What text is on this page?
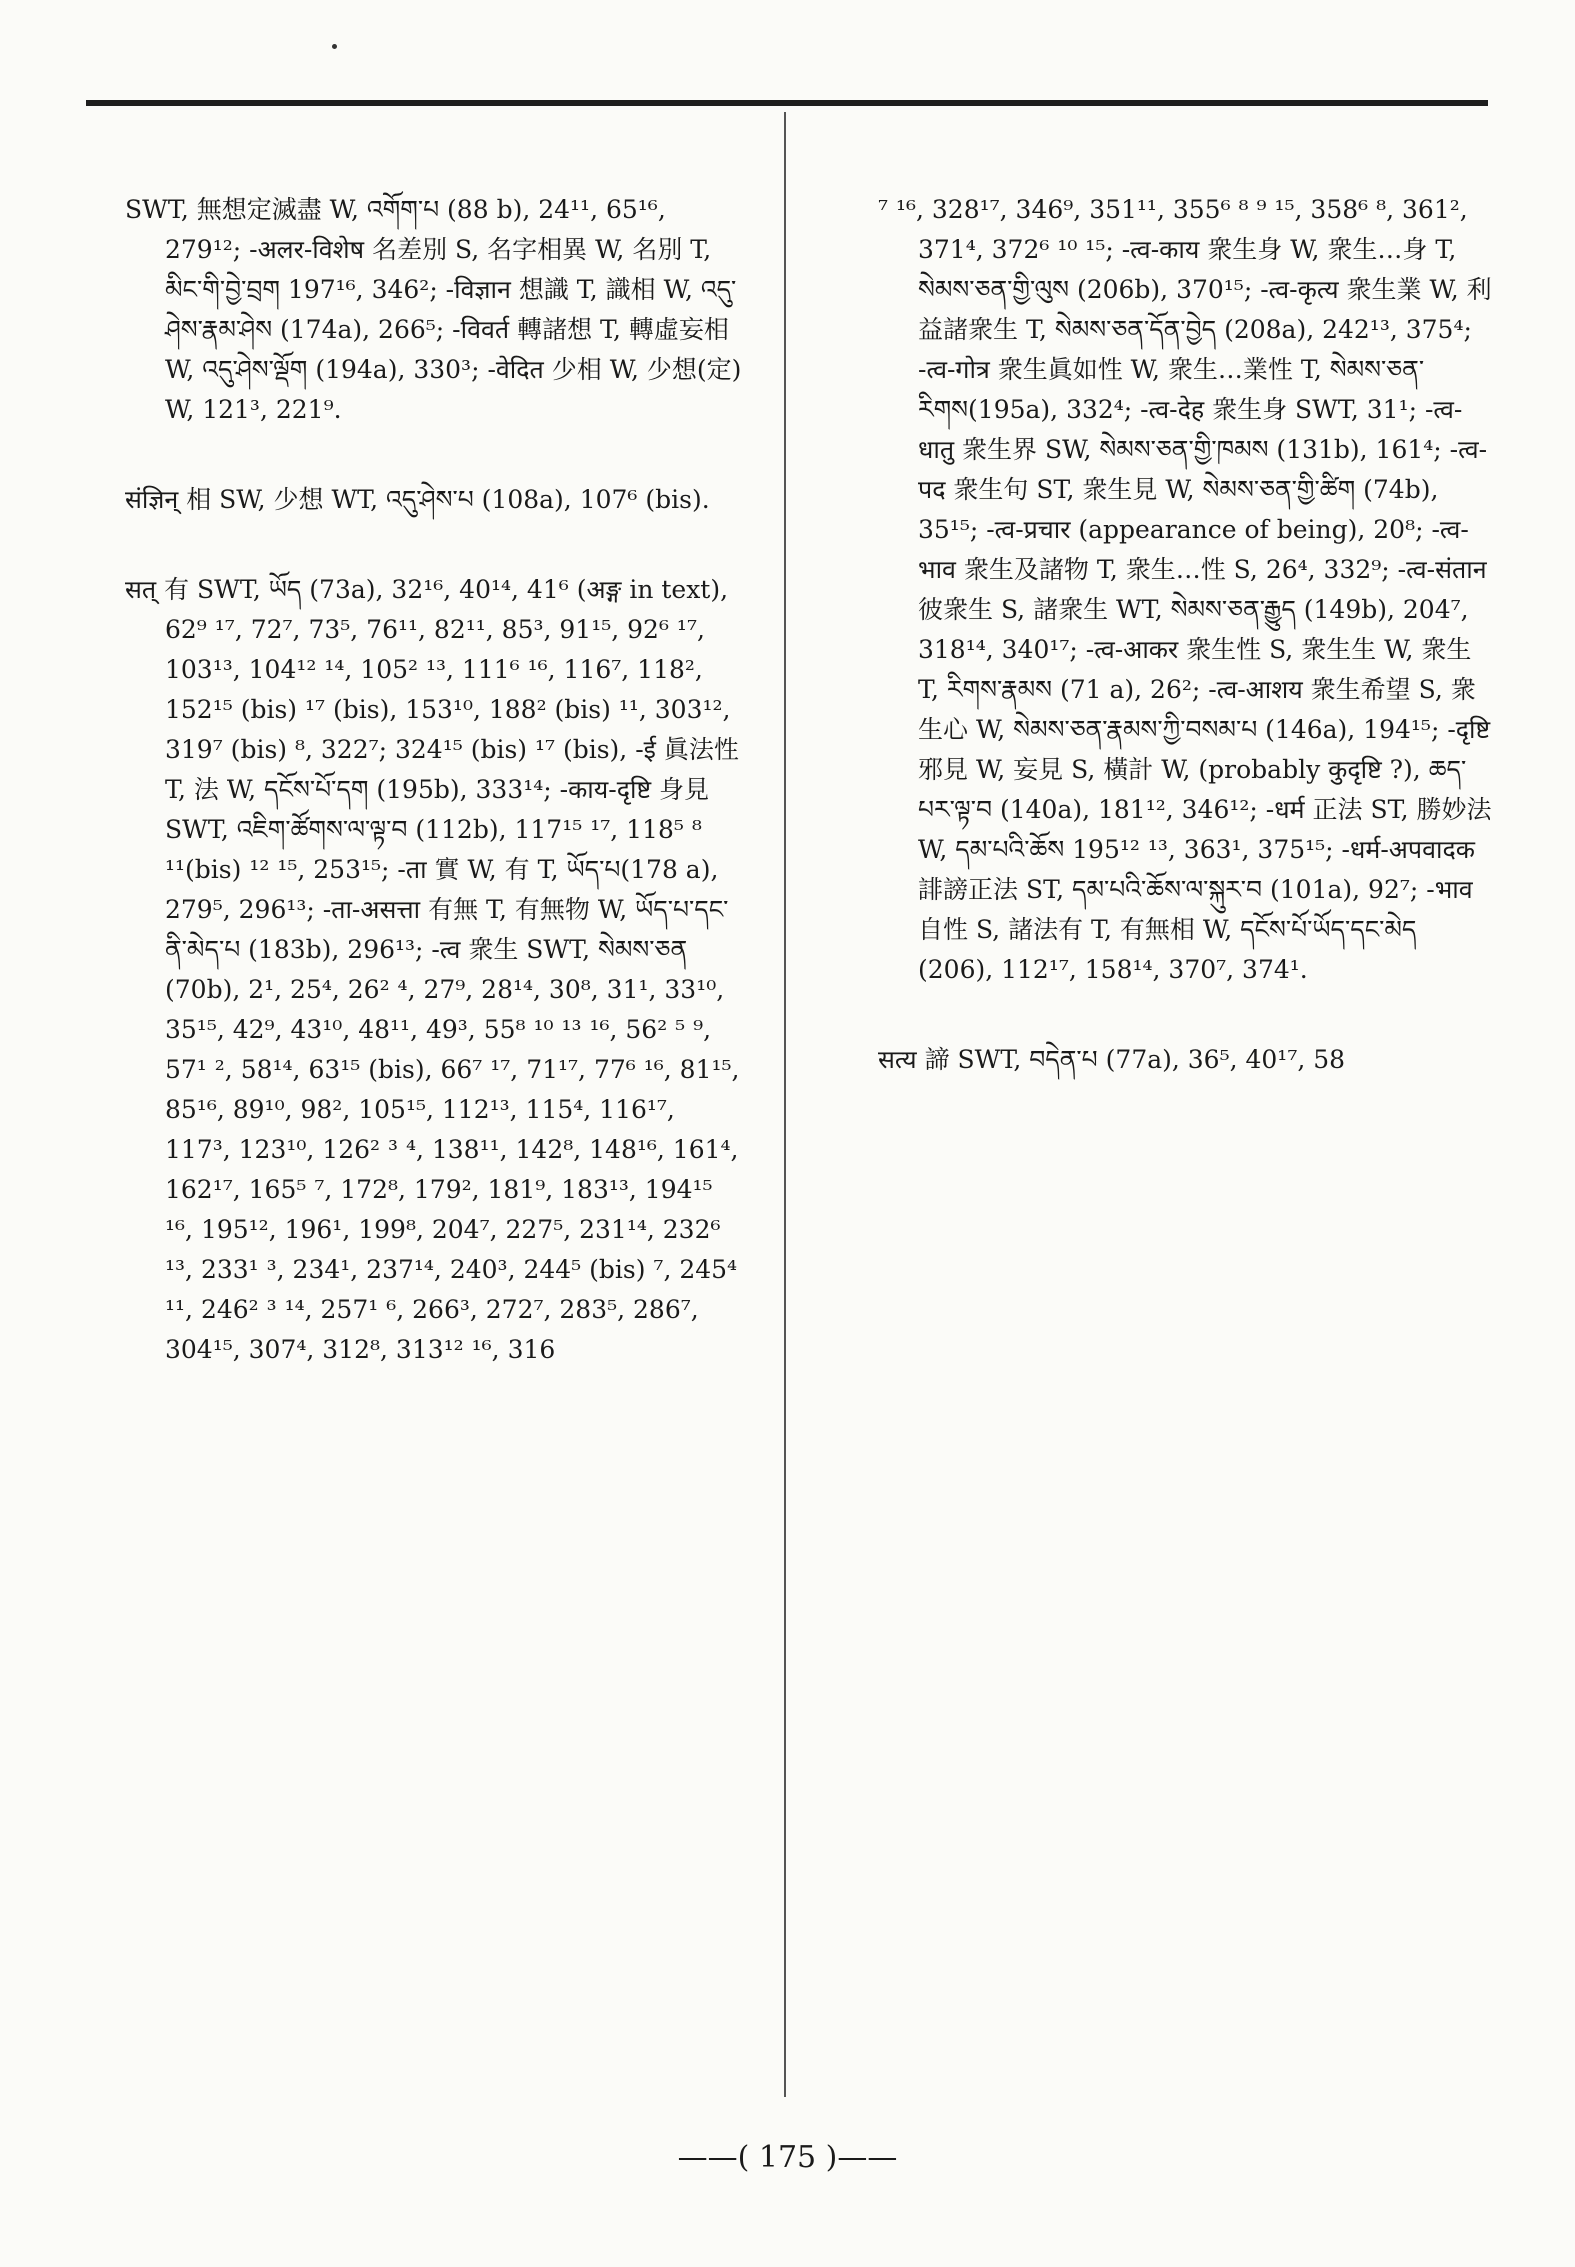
SWT, 無想定滅盡 W, འགོག་པ (88 b), 24¹¹, 65¹⁶, 279¹²; -अलर-विशेष 名差別 S, 名字相異 W, 名別 T, མིང་གི་བྱེ་བྲག 197¹⁶, 346²; -विज्ञान 想識 T, 識相 W, འདུ་ཤེས་རྣམ་ཤེས (174a), 266⁵; -विवर्त 轉諸想 T, 轉虛妄相 W, འདུ་ཤེས་ལྡོག (194a), 330³; -वेदित 少相 W, 少想(定) W, 121³, 221⁹.

संज्ञिन् 相 SW, 少想 WT, འདུ་ཤེས་པ (108a), 107⁶ (bis).

सत् 有 SWT, ཡོད (73a), 32¹⁶, 40¹⁴, 41⁶ (अङ्ग in text), 62⁹ ¹⁷, 72⁷, 73⁵, 76¹¹, 82¹¹, 85³, 91¹⁵, 92⁶ ¹⁷, 103¹³, 104¹² ¹⁴, 105² ¹³, 111⁶ ¹⁶, 116⁷, 118², 152¹⁵ (bis) ¹⁷ (bis), 153¹⁰, 188² (bis) ¹¹, 303¹², 319⁷ (bis) ⁸, 322⁷; 324¹⁵ (bis) ¹⁷ (bis), -ई 眞法性 T, 法 W, དངོས་པོ་དག (195b), 333¹⁴; -काय-दृष्टि 身見 SWT, འཇིག་ཚོགས་ལ་ལྟ་བ (112b), 117¹⁵ ¹⁷, 118⁵ ⁸ ¹¹(bis) ¹² ¹⁵, 253¹⁵; -ता 實 W, 有 T, ཡོད་པ(178 a), 279⁵, 296¹³; -ता-असत्ता 有無 T, 有無物 W, ཡོད་པ་དང་ནི་མེད་པ (183b), 296¹³; -त्व 衆生 SWT, སེམས་ཅན (70b), 2¹, 25⁴, 26² ⁴, 27⁹, 28¹⁴, 30⁸, 31¹, 33¹⁰, 35¹⁵, 42⁹, 43¹⁰, 48¹¹, 49³, 55⁸ ¹⁰ ¹³ ¹⁶, 56² ⁵ ⁹, 57¹ ², 58¹⁴, 63¹⁵ (bis), 66⁷ ¹⁷, 71¹⁷, 77⁶ ¹⁶, 81¹⁵, 85¹⁶, 89¹⁰, 98², 105¹⁵, 112¹³, 115⁴, 116¹⁷, 117³, 123¹⁰, 126² ³ ⁴, 138¹¹, 142⁸, 148¹⁶, 161⁴, 162¹⁷, 165⁵ ⁷, 172⁸, 179², 181⁹, 183¹³, 194¹⁵ ¹⁶, 195¹², 196¹, 199⁸, 204⁷, 227⁵, 231¹⁴, 232⁶ ¹³, 233¹ ³, 234¹, 237¹⁴, 240³, 244⁵ (bis) ⁷, 245⁴ ¹¹, 246² ³ ¹⁴, 257¹ ⁶, 266³, 272⁷, 283⁵, 286⁷, 304¹⁵, 307⁴, 312⁸, 313¹² ¹⁶, 316

⁷ ¹⁶, 328¹⁷, 346⁹, 351¹¹, 355⁶ ⁸ ⁹ ¹⁵, 358⁶ ⁸, 361², 371⁴, 372⁶ ¹⁰ ¹⁵; -त्व-काय 衆生身 W, 衆生…身 T, སེམས་ཅན་གྱི་ལུས (206b), 370¹⁵; -त्व-कृत्य 衆生業 W, 利益諸衆生 T, སེམས་ཅན་དོན་བྱེད (208a), 242¹³, 375⁴; -त्व-गोत्र 衆生眞如性 W, 衆生…業性 T, སེམས་ཅན་རིགས(195a), 332⁴; -त्व-देह 衆生身 SWT, 31¹; -त्व-धातु 衆生界 SW, སེམས་ཅན་གྱི་ཁམས (131b), 161⁴; -त्व-पद 衆生句 ST, 衆生見 W, སེམས་ཅན་གྱི་ཚིག (74b), 35¹⁵; -त्व-प्रचार (appearance of being), 20⁸; -त्व-भाव 衆生及諸物 T, 衆生…性 S, 26⁴, 332⁹; -त्व-संतान 彼衆生 S, 諸衆生 WT, སེམས་ཅན་རྒྱུད (149b), 204⁷, 318¹⁴, 340¹⁷; -त्व-आकर 衆生性 S, 衆生生 W, 衆生 T, རིགས་རྣམས (71 a), 26²; -त्व-आशय 衆生希望 S, 衆生心 W, སེམས་ཅན་རྣམས་ཀྱི་བསམ་པ (146a), 194¹⁵; -दृष्टि 邪見 W, 妄見 S, 橫計 W, (probably कुदृष्टि ?), ཆད་པར་ལྟ་བ (140a), 181¹², 346¹²; -धर्म 正法 ST, 勝妙法 W, དམ་པའི་ཆོས 195¹² ¹³, 363¹, 375¹⁵; -धर्म-अपवादक 誹謗正法 ST, དམ་པའི་ཆོས་ལ་སྐུར་བ (101a), 92⁷; -भाव 自性 S, 諸法有 T, 有無相 W, དངོས་པོ་ཡོད་དང་མེད (206), 112¹⁷, 158¹⁴, 370⁷, 374¹.

सत्य 諦 SWT, བདེན་པ (77a), 36⁵, 40¹⁷, 58

——( 175 )——
